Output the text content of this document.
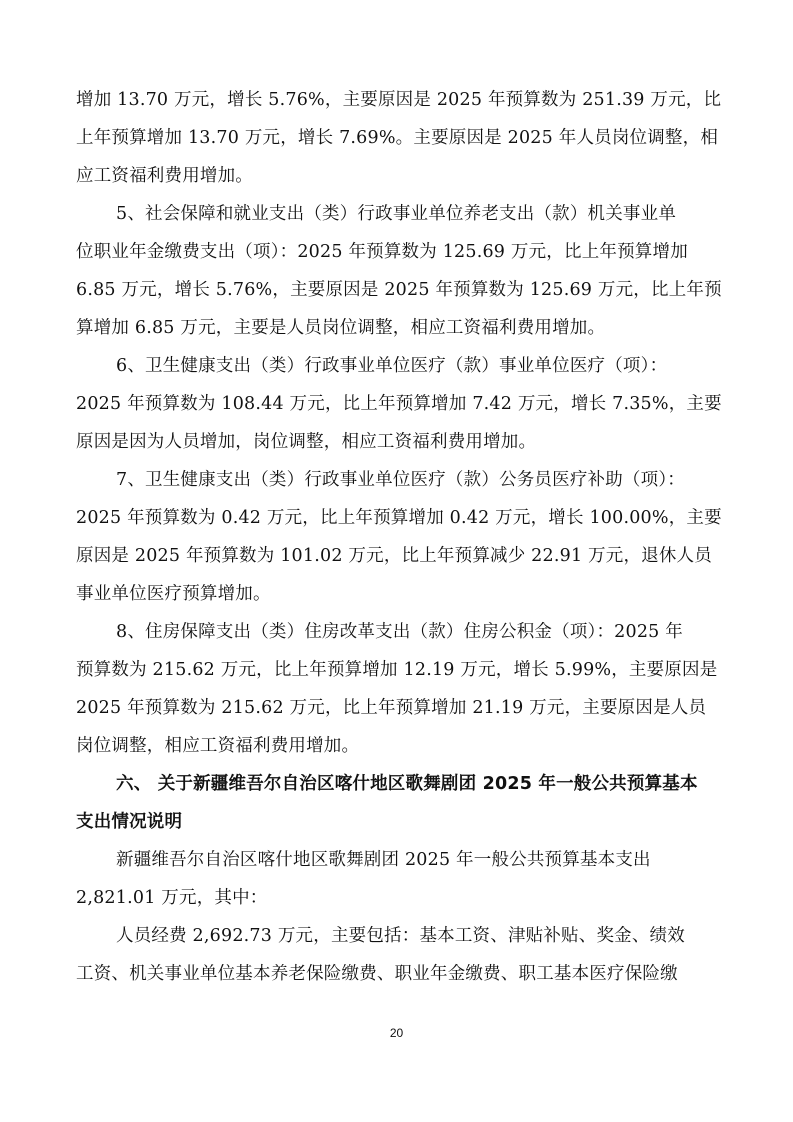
增加 13.70 万元，增长 5.76%，主要原因是 2025 年预算数为 251.39 万元，比
上年预算增加 13.70 万元，增长 7.69%。主要原因是 2025 年人员岗位调整，相
应工资福利费用增加。
5、社会保障和就业支出（类）行政事业单位养老支出（款）机关事业单
位职业年金缴费支出（项）：2025 年预算数为 125.69 万元，比上年预算增加
6.85 万元，增长 5.76%，主要原因是 2025 年预算数为 125.69 万元，比上年预
算增加 6.85 万元，主要是人员岗位调整，相应工资福利费用增加。
6、卫生健康支出（类）行政事业单位医疗（款）事业单位医疗（项）：
2025 年预算数为 108.44 万元，比上年预算增加 7.42 万元，增长 7.35%，主要
原因是因为人员增加，岗位调整，相应工资福利费用增加。
7、卫生健康支出（类）行政事业单位医疗（款）公务员医疗补助（项）：
2025 年预算数为 0.42 万元，比上年预算增加 0.42 万元，增长 100.00%，主要
原因是 2025 年预算数为 101.02 万元，比上年预算减少 22.91 万元，退休人员
事业单位医疗预算增加。
8、住房保障支出（类）住房改革支出（款）住房公积金（项）：2025 年
预算数为 215.62 万元，比上年预算增加 12.19 万元，增长 5.99%，主要原因是
2025 年预算数为 215.62 万元，比上年预算增加 21.19 万元，主要原因是人员
岗位调整，相应工资福利费用增加。
六、 关于新疆维吾尔自治区喀什地区歌舞剧团 2025 年一般公共预算基本
支出情况说明
新疆维吾尔自治区喀什地区歌舞剧团 2025 年一般公共预算基本支出
2,821.01 万元，其中：
人员经费 2,692.73 万元，主要包括：基本工资、津贴补贴、奖金、绩效
工资、机关事业单位基本养老保险缴费、职业年金缴费、职工基本医疗保险缴
20
